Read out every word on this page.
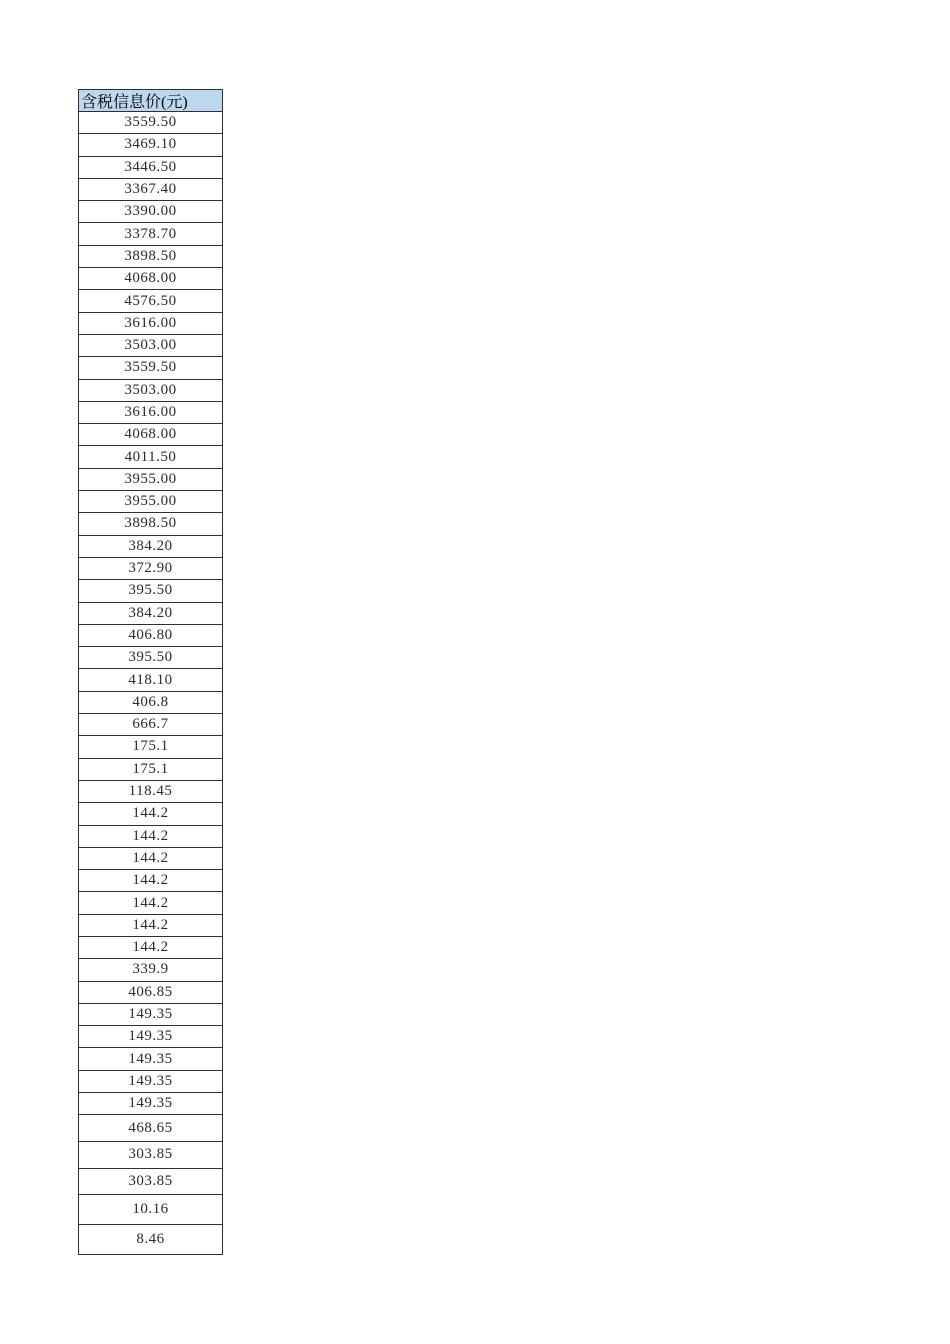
含税信息价(元)
3559.50
3469.10
3446.50
3367.40
3390.00
3378.70
3898.50
4068.00
4576.50
3616.00
3503.00
3559.50
3503.00
3616.00
4068.00
4011.50
3955.00
3955.00
3898.50
384.20
372.90
395.50
384.20
406.80
395.50
418.10
406.8
666.7
175.1
175.1
118.45
144.2
144.2
144.2
144.2
144.2
144.2
144.2
339.9
406.85
149.35
149.35
149.35
149.35
149.35
468.65
303.85
303.85
10.16
8.46
